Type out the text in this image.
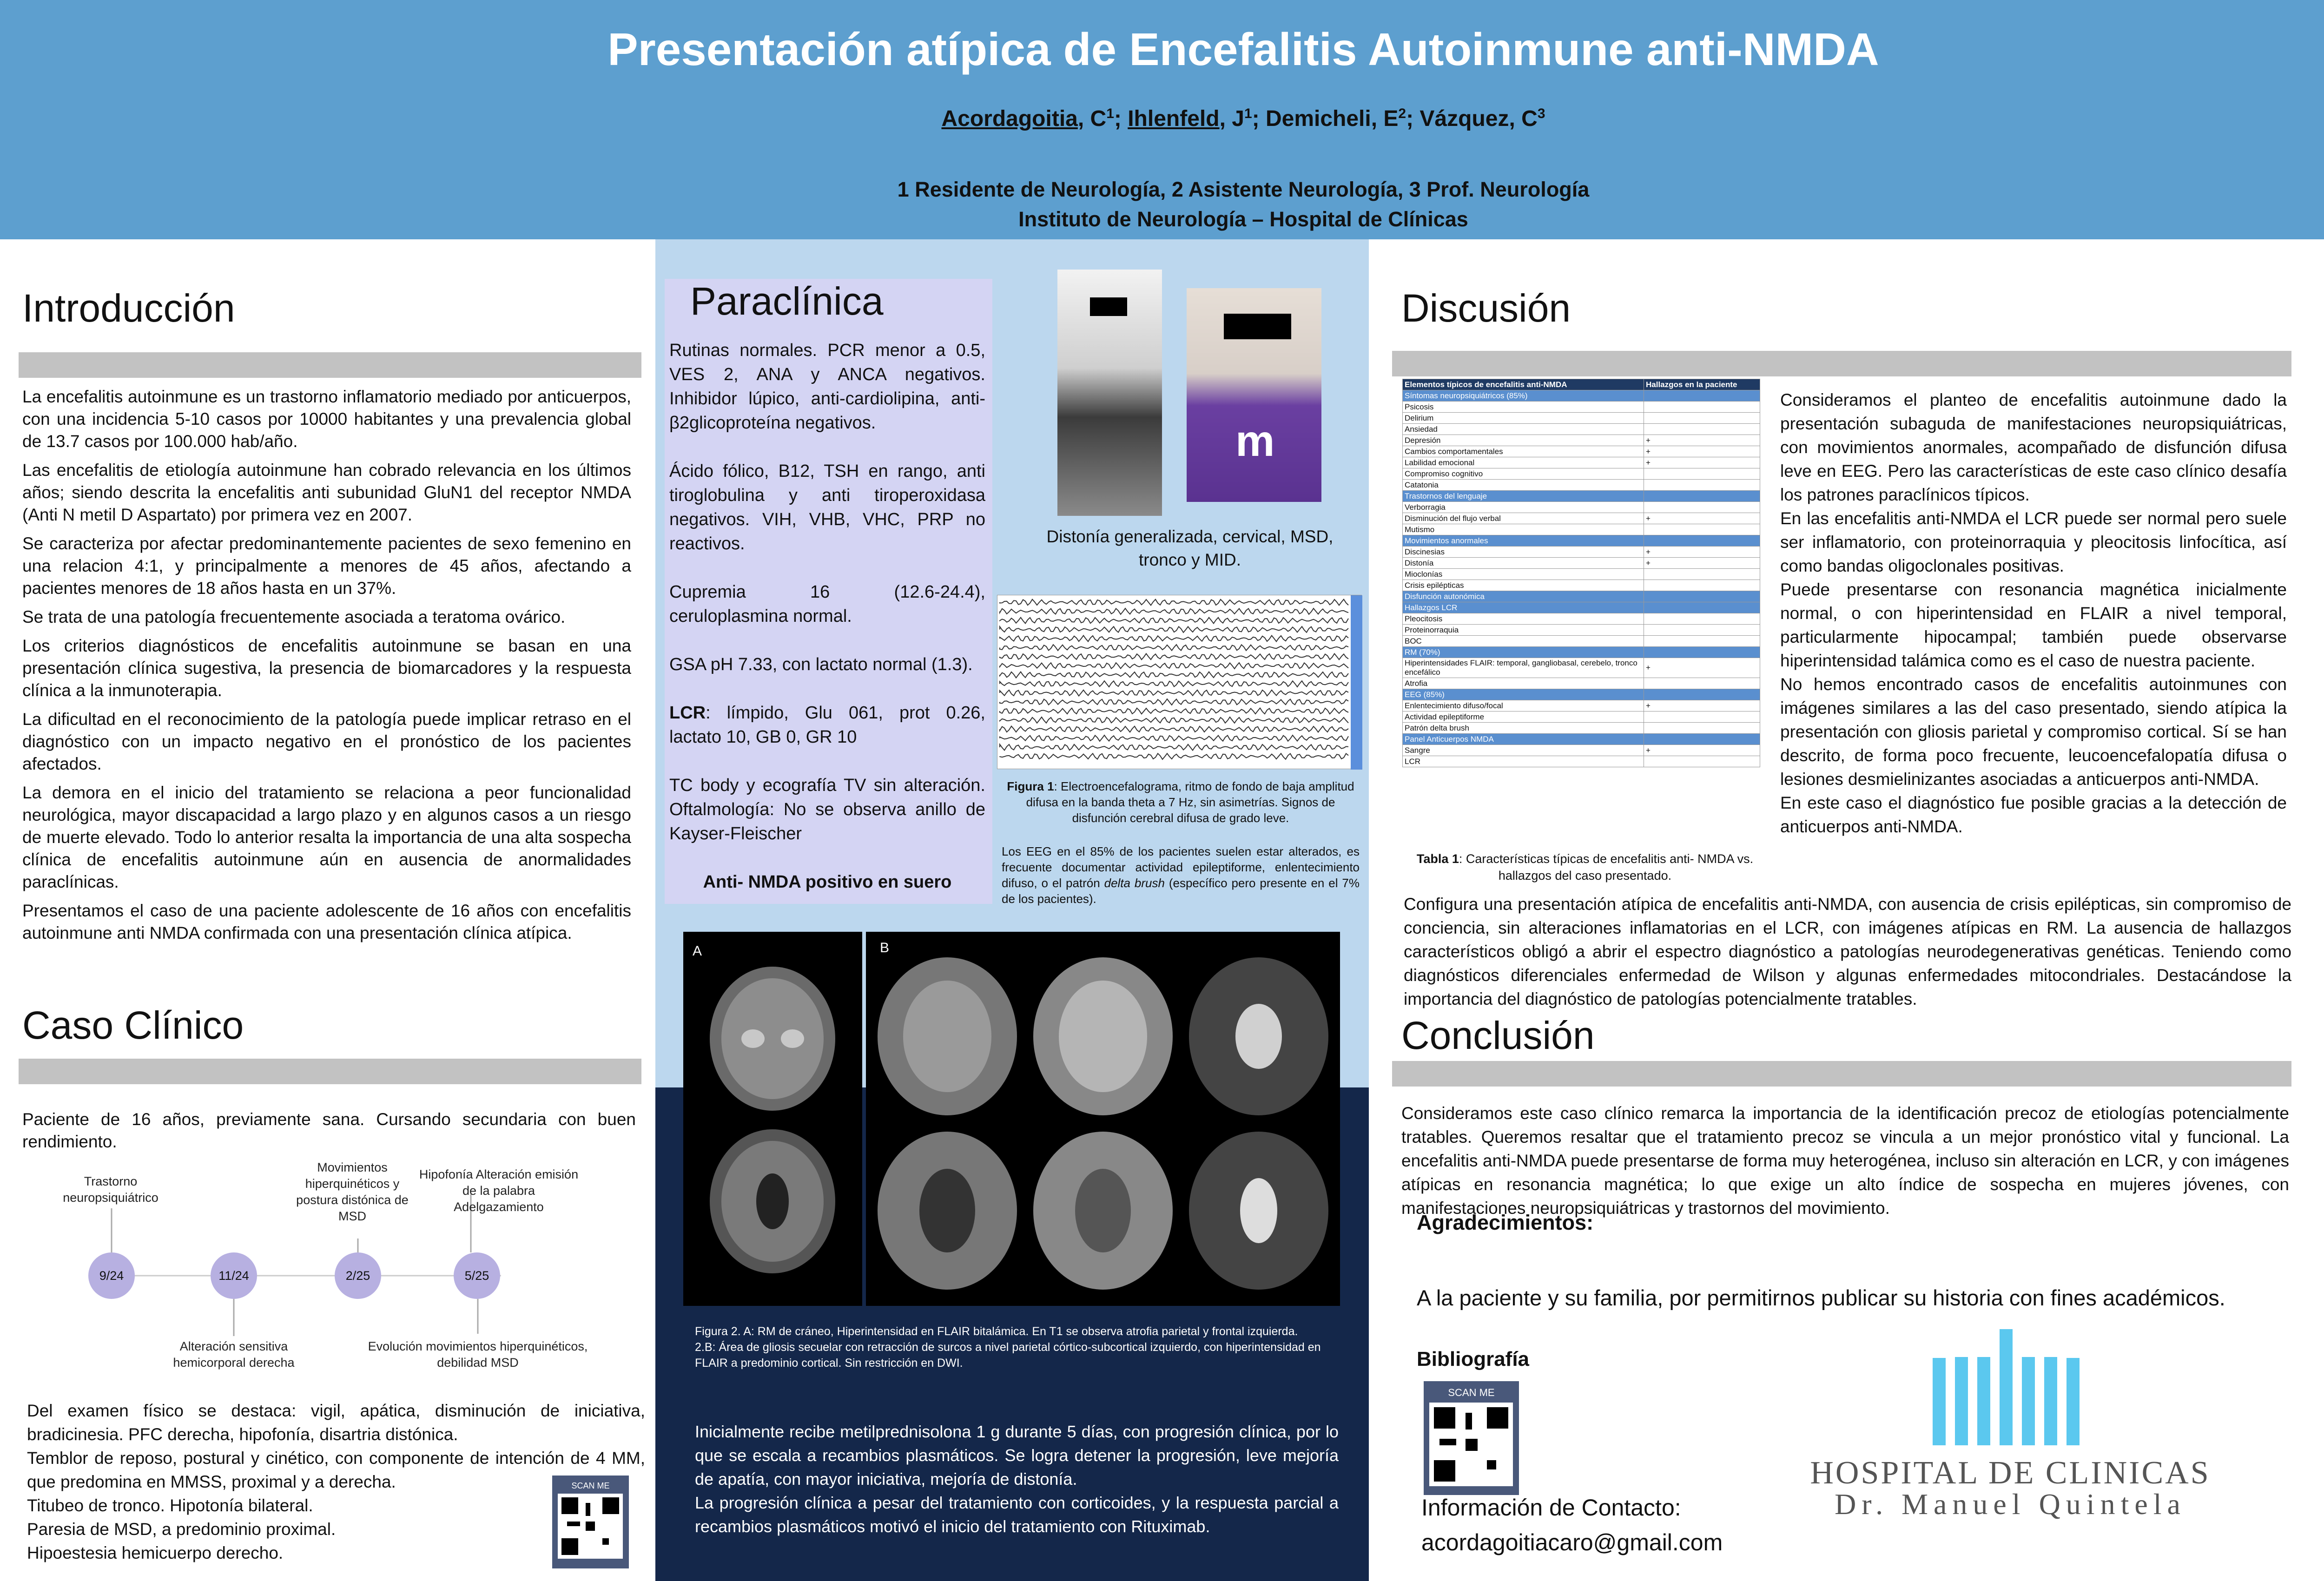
Presentación atípica de Encefalitis Autoinmune anti-NMDA
Acordagoitia, $C^1$; Ihlenfeld, $J^1$; Demicheli, $E^2$; Vázquez, $C^3$
1 Residente de Neurología, 2 Asistente Neurología, 3 Prof. Neurología
Instituto de Neurología – Hospital de Clínicas
Introducción

La encefalitis autoinmune es un trastorno inflamatorio mediado por anticuerpos, con una incidencia 5-10 casos por 10000 habitantes y una prevalencia global de 13.7 casos por 100.000 hab/año.

Las encefalitis de etiología autoinmune han cobrado relevancia en los últimos años; siendo descrita la encefalitis anti subunidad GluN1 del receptor NMDA (Anti N metil D Aspartato) por primera vez en 2007.

Se caracteriza por afectar predominantemente pacientes de sexo femenino en una relacion 4:1, y principalmente a menores de 45 años, afectando a pacientes menores de 18 años hasta en un 37%.

Se trata de una patología frecuentemente asociada a teratoma ovárico.

Los criterios diagnósticos de encefalitis autoinmune se basan en una presentación clínica sugestiva, la presencia de biomarcadores y la respuesta clínica a la inmunoterapia.

La dificultad en el reconocimiento de la patología puede implicar retraso en el diagnóstico con un impacto negativo en el pronóstico de los pacientes afectados.

La demora en el inicio del tratamiento se relaciona a peor funcionalidad neurológica, mayor discapacidad a largo plazo y en algunos casos a un riesgo de muerte elevado. Todo lo anterior resalta la importancia de una alta sospecha clínica de encefalitis autoinmune aún en ausencia de anormalidades paraclínicas.

Presentamos el caso de una paciente adolescente de 16 años con encefalitis autoinmune anti NMDA confirmada con una presentación clínica atípica.

Caso Clínico
Paciente de 16 años, previamente sana. Cursando secundaria con buen rendimiento.
Trastorno neuropsiquiátrico
Movimientos hiperquinéticos y postura distónica de MSD
Hipofonía Alteración emisión de la palabra Adelgazamiento
9/24	11/24	2/25	5/25
Alteración sensitiva hemicorporal derecha
Evolución movimientos hiperquinéticos, debilidad MSD
Del examen físico se destaca: vigil, apática, disminución de iniciativa, bradicinesia. PFC derecha, hipofonía, disartria distónica.
Temblor de reposo, postural y cinético, con componente de intención de 4 MM, que predomina en MMSS, proximal y a derecha.
Titubeo de tronco. Hipotonía bilateral.
Paresia de MSD, a predominio proximal.
Hipoestesia hemicuerpo derecho.
SCAN ME
Paraclínica

Rutinas normales. PCR menor a 0.5, VES 2, ANA y ANCA negativos. Inhibidor lúpico, anti-cardiolipina, anti-β2glicoproteína negativos.

Ácido fólico, B12, TSH en rango, anti tiroglobulina y anti tiroperoxidasa negativos. VIH, VHB, VHC, PRP no reactivos.

Cupremia 16 (12.6-24.4), ceruloplasmina normal.

GSA pH 7.33, con lactato normal (1.3).

LCR: límpido, Glu 061, prot 0.26, lactato 10, GB 0, GR 10

TC body y ecografía TV sin alteración. Oftalmología: No se observa anillo de Kayser-Fleischer

Anti- NMDA positivo en suero

m
Distonía generalizada, cervical, MSD, tronco y MID.
Figura 1: Electroencefalograma, ritmo de fondo de baja amplitud difusa en la banda theta a 7 Hz, sin asimetrías. Signos de disfunción cerebral difusa de grado leve.
Los EEG en el 85% de los pacientes suelen estar alterados, es frecuente documentar actividad epileptiforme, enlentecimiento difuso, o el patrón delta brush (específico pero presente en el 7% de los pacientes).
A	B
Figura 2. A: RM de cráneo, Hiperintensidad en FLAIR bitalámica. En T1 se observa atrofia parietal y frontal izquierda.
2.B: Área de gliosis secuelar con retracción de surcos a nivel parietal córtico-subcortical izquierdo, con hiperintensidad en FLAIR a predominio cortical. Sin restricción en DWI.
Inicialmente recibe metilprednisolona 1 g durante 5 días, con progresión clínica, por lo que se escala a recambios plasmáticos. Se logra detener la progresión, leve mejoría de apatía, con mayor iniciativa, mejoría de distonía.
La progresión clínica a pesar del tratamiento con corticoides, y la respuesta parcial a recambios plasmáticos motivó el inicio del tratamiento con Rituximab.
Discusión
Elementos típicos de encefalitis anti-NMDA	Hallazgos en la paciente
Síntomas neuropsiquiátricos (85%)	
Psicosis	
Delirium	
Ansiedad	
Depresión	+
Cambios comportamentales	+
Labilidad emocional	+
Compromiso cognitivo	
Catatonia	
Trastornos del lenguaje	
Verborragia	
Disminución del flujo verbal	+
Mutismo	
Movimientos anormales	
Discinesias	+
Distonía	+
Mioclonías	
Crisis epilépticas	
Disfunción autonómica	
Hallazgos LCR	
Pleocitosis	
Proteinorraquia	
BOC	
RM (70%)	
Hiperintensidades FLAIR: temporal, gangliobasal, cerebelo, tronco encefálico	+
Atrofia	
EEG (85%)	
Enlentecimiento difuso/focal	+
Actividad epileptiforme	
Patrón delta brush	
Panel Anticuerpos NMDA	
Sangre	+
LCR	
Tabla 1: Características típicas de encefalitis anti- NMDA vs. hallazgos del caso presentado.
Consideramos el planteo de encefalitis autoinmune dado la presentación subaguda de manifestaciones neuropsiquiátricas, con movimientos anormales, acompañado de disfunción difusa leve en EEG. Pero las características de este caso clínico desafía los patrones paraclínicos típicos.
En las encefalitis anti-NMDA el LCR puede ser normal pero suele ser inflamatorio, con proteinorraquia y pleocitosis linfocítica, así como bandas oligoclonales positivas.
Puede presentarse con resonancia magnética inicialmente normal, o con hiperintensidad en FLAIR a nivel temporal, particularmente hipocampal; también puede observarse hiperintensidad talámica como es el caso de nuestra paciente.
No hemos encontrado casos de encefalitis autoinmunes con imágenes similares a las del caso presentado, siendo atípica la presentación con gliosis parietal y compromiso cortical. Sí se han descrito, de forma poco frecuente, leucoencefalopatía difusa o lesiones desmielinizantes asociadas a anticuerpos anti-NMDA.
En este caso el diagnóstico fue posible gracias a la detección de anticuerpos anti-NMDA.
Configura una presentación atípica de encefalitis anti-NMDA, con ausencia de crisis epilépticas, sin compromiso de conciencia, sin alteraciones inflamatorias en el LCR, con imágenes atípicas en RM. La ausencia de hallazgos característicos obligó a abrir el espectro diagnóstico a patologías neurodegenerativas genéticas. Teniendo como diagnósticos diferenciales enfermedad de Wilson y algunas enfermedades mitocondriales. Destacándose la importancia del diagnóstico de patologías potencialmente tratables.
Conclusión
Consideramos este caso clínico remarca la importancia de la identificación precoz de etiologías potencialmente tratables. Queremos resaltar que el tratamiento precoz se vincula a un mejor pronóstico vital y funcional. La encefalitis anti-NMDA puede presentarse de forma muy heterogénea, incluso sin alteración en LCR, y con imágenes atípicas en resonancia magnética; lo que exige un alto índice de sospecha en mujeres jóvenes, con manifestaciones neuropsiquiátricas y trastornos del movimiento.
Agradecimientos:
A la paciente y su familia, por permitirnos publicar su historia con fines académicos.
Bibliografía
SCAN ME
Información de Contacto:
acordagoitiacaro@gmail.com
HOSPITAL DE CLINICAS
Dr. Manuel Quintela
